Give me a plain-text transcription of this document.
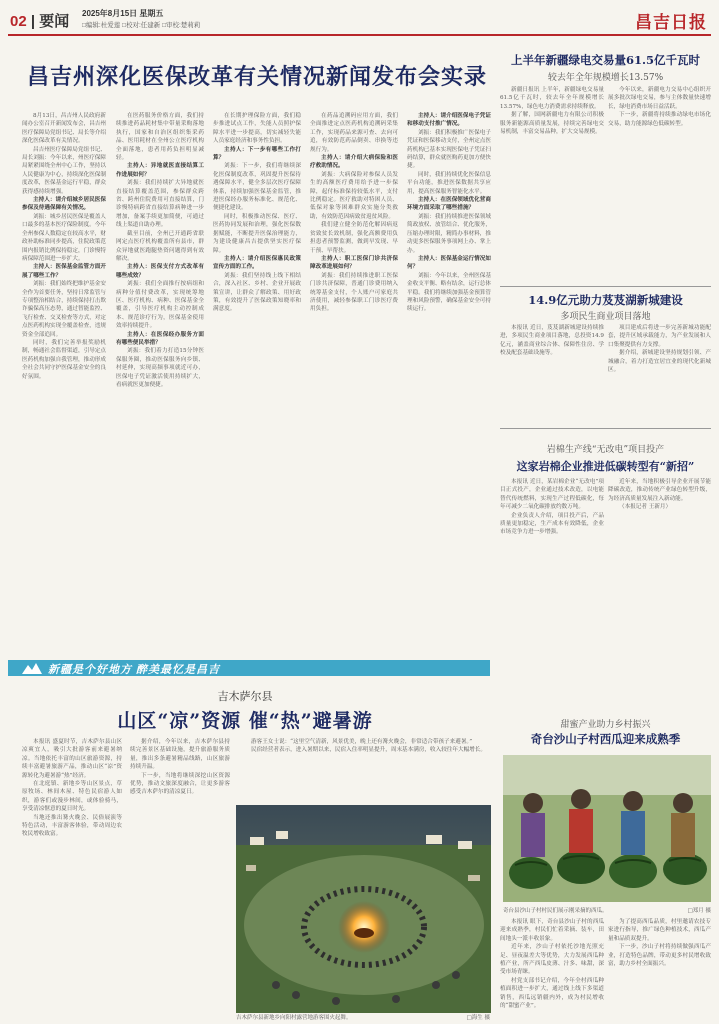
02 | 要闻 2025年8月15日 星期五
□编辑:杜爱莲 □校对:任建新 □审校:楚莉莉	昌吉日报
昌吉州深化医保改革有关情况新闻发布会实录

8月13日，昌吉州人民政府新闻办公室召开新闻发布会，昌吉州医疗保障局党组书记、局长等介绍深化医保改革有关情况。

昌吉州医疗保障局党组书记、局长刘振：今年以来，州医疗保障局紧紧围绕全州中心工作，坚持以人民健康为中心，持续深化医保制度改革，医保基金运行平稳，群众获得感持续增强。

主持人：请介绍城乡居民医保参保及待遇保障有关情况。

刘振：城乡居民医保是覆盖人口最多的基本医疗保险制度。今年全州参保人数稳定在较高水平，财政补助标准同步提高，住院政策范围内报销比例保持稳定，门诊慢特病保障范围进一步扩大。

主持人：医保基金监管方面开展了哪些工作？

刘振：我们始终把维护基金安全作为首要任务，坚持日常监管与专项整治相结合，持续保持打击欺诈骗保高压态势，通过智能监控、飞行检查、交叉检查等方式，对定点医药机构实现全覆盖检查，违规资金全部追回。

同时，我们完善举报奖励机制，畅通社会监督渠道，引导定点医药机构加强自我管理，推动形成全社会共同守护医保基金安全的良好氛围。

在医药服务价格方面，我们持续推进药品耗材集中带量采购落地执行，国家和自治区组织集采药品、医用耗材在全州公立医疗机构全面落地，患者用药负担明显减轻。

主持人：异地就医直接结算工作进展如何？

刘振：我们持续扩大异地就医直接结算覆盖范围，参保群众跨省、跨州住院费用可直接结算，门诊慢特病跨省直接结算病种进一步增加，备案手续更加简便，可通过线上渠道自助办理。

截至目前，全州已开通跨省联网定点医疗机构覆盖所有县市，群众异地就医跑腿垫资问题得到有效解决。

主持人：医保支付方式改革有哪些成效？

刘振：我们全面推行按病组和病种分值付费改革，实现统筹地区、医疗机构、病种、医保基金全覆盖，引导医疗机构主动控制成本、规范诊疗行为，医保基金使用效率持续提升。

主持人：在医保经办服务方面有哪些便民举措？

刘振：我们着力打造15分钟医保服务圈，推动医保服务向乡镇、村延伸，实现高频事项就近可办，医保电子凭证激活使用持续扩大，看病就医更加便捷。

在长期护理保险方面，我们稳步推进试点工作，失能人员照护保障水平进一步提高，切实减轻失能人员家庭经济和事务性负担。

主持人：下一步有哪些工作打算？

刘振：下一步，我们将继续深化医保制度改革，巩固提升医保待遇保障水平，健全多层次医疗保障体系，持续加强医保基金监管，推进医保经办服务标准化、规范化、便捷化建设。

同时，积极推动医保、医疗、医药协同发展和治理，强化医保数据赋能，不断提升医保治理能力，为建设健康昌吉提供坚实医疗保障。

主持人：请介绍医保惠民政策宣传方面的工作。

刘振：我们坚持线上线下相结合，深入社区、乡村、企业开展政策宣讲，让群众了解政策、用好政策，有效提升了医保政策知晓率和满意度。

在药品追溯码应用方面，我们全面推进定点医药机构追溯码采集工作，实现药品来源可查、去向可追，有效防范药品倒卖、串换等违规行为。

主持人：请介绍大病保险和医疗救助情况。

刘振：大病保险对参保人员发生的高额医疗费用给予进一步保障，起付标准保持较低水平，支付比例稳定。医疗救助对特困人员、低保对象等困难群众实施分类救助，有效防范因病致贫返贫风险。

我们建立健全防范化解因病返贫致贫长效机制，强化高额费用负担患者预警监测，做到早发现、早干预、早帮扶。

主持人：职工医保门诊共济保障改革进展如何？

刘振：我们持续推进职工医保门诊共济保障，普通门诊费用纳入统筹基金支付，个人账户可家庭共济使用，减轻参保职工门诊医疗费用负担。

主持人：请介绍医保电子凭证和移动支付推广情况。

刘振：我们积极推广医保电子凭证和医保移动支付，全州定点医药机构已基本实现医保电子凭证扫码结算，群众就医购药更加方便快捷。

同时，我们持续优化医保信息平台功能，推进医保数据共享应用，提高医保服务智能化水平。

主持人：在医保领域优化营商环境方面采取了哪些措施？

刘振：我们持续推进医保领域简政放权、放管结合、优化服务，压缩办理时限，精简办事材料，推动更多医保服务事项网上办、掌上办。

主持人：医保基金运行情况如何？

刘振：今年以来，全州医保基金收支平衡、略有结余，运行总体平稳。我们将继续加强基金预算管理和风险预警，确保基金安全可持续运行。

新疆是个好地方 醉美最忆是昌吉
吉木萨尔县
山区“凉”资源 催“热”避暑游

本报讯 盛夏时节，吉木萨尔县山区凉爽宜人，吸引大批游客前来避暑纳凉。当地依托丰富的山区旅游资源，持续丰富避暑旅游产品，推动山区“凉”资源转化为避暑游“热”经济。

在北庭镇、新地乡等山区景点，草原牧场、林间木屋、特色民宿游人如织，游客们或漫步林间，或体验骑马，享受清凉惬意的夏日时光。

当地还推出篝火晚会、民俗展演等特色活动，丰富游客体验，带动周边农牧民增收致富。

据介绍，今年以来，吉木萨尔县持续完善景区基础设施，提升旅游服务质量，推出多条避暑精品线路，山区旅游持续升温。

下一步，当地将继续深挖山区资源优势，推动文旅深度融合，让更多游客感受吉木萨尔的清凉夏日。

游客王女士说：“这里空气清新，风景优美，晚上还有篝火晚会，非常适合带孩子来避暑。”

民宿经营者表示，进入暑期以来，民宿入住率明显提升，周末基本满房，收入较往年大幅增长。

吉木萨尔县新地乡向阳村露营地游客围火起舞。	□海生 摄
上半年新疆绿电交易量61.5亿千瓦时
较去年全年规模增长13.57%

新疆日报讯 上半年，新疆绿电交易量61.5亿千瓦时，较去年全年规模增长13.57%，绿色电力消费需求持续释放。

据了解，国网新疆电力有限公司积极服务新能源高质量发展，持续完善绿电交易机制，丰富交易品种，扩大交易规模。

今年以来，新疆电力交易中心组织开展多批次绿电交易，参与主体数量快速增长，绿电消费市场日益活跃。

下一步，新疆将持续推动绿电市场化交易，助力能源绿色低碳转型。

14.9亿元助力芨芨湖新城建设
多项民生商业项目落地

本报讯 近日，芨芨湖新城建设持续推进，多项民生商业项目落地，总投资14.9亿元，涵盖商业综合体、保障性住房、学校及配套基础设施等。

项目建成后将进一步完善新城功能配套，提升区域承载能力，为产业发展和人口集聚提供有力支撑。

据介绍，新城建设坚持规划引领、产城融合，着力打造宜居宜业的现代化新城区。

岩棉生产线“无改电”项目投产
这家岩棉企业推进低碳转型有“新招”

本报讯 近日，某岩棉企业“无改电”项目正式投产，企业通过技术改造，以电能替代传统燃料，实现生产过程低碳化，每年可减少二氧化碳排放约数万吨。

企业负责人介绍，项目投产后，产品质量更加稳定，生产成本有效降低，企业市场竞争力进一步增强。

近年来，当地积极引导企业开展节能降碳改造，推动传统产业绿色转型升级，为经济高质量发展注入新动能。

（本报记者 王新月）

甜蜜产业助力乡村振兴
奇台沙山子村西瓜迎来成熟季
奇台县沙山子村村民们展示刚采摘的西瓜。	□郑月 摄

本报讯 眼下，奇台县沙山子村的西瓜迎来成熟季，村民们忙着采摘、装车，田间地头一派丰收景象。

近年来，沙山子村依托沙地光照充足、昼夜温差大等优势，大力发展西瓜种植产业，所产西瓜皮薄、汁多、味甜，深受市场青睐。

村党支部书记介绍，今年全村西瓜种植面积进一步扩大，通过线上线下多渠道销售，西瓜远销疆内外，成为村民增收的“甜蜜产业”。

为了提高西瓜品质，村里邀请农技专家进行指导，推广绿色种植技术，西瓜产量和品质双提升。

下一步，沙山子村将持续做强西瓜产业，打造特色品牌，带动更多村民增收致富，助力乡村全面振兴。
